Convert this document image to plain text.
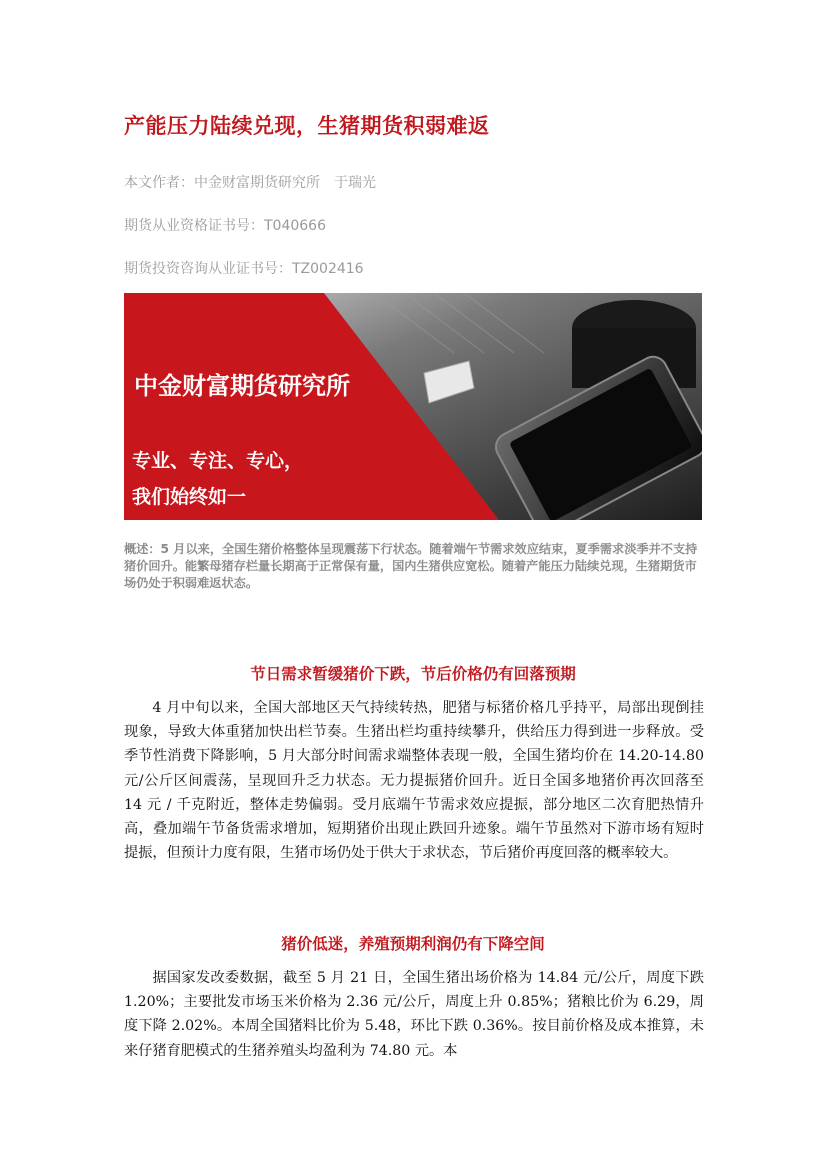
产能压力陆续兑现，生猪期货积弱难返
本文作者：中金财富期货研究所　于瑞光
期货从业资格证书号：T040666
期货投资咨询从业证书号：TZ002416
中金财富期货研究所
专业、专注、专心，
我们始终如一
概述：5 月以来，全国生猪价格整体呈现震荡下行状态。随着端午节需求效应结束，夏季需求淡季并不支持猪价回升。能繁母猪存栏量长期高于正常保有量，国内生猪供应宽松。随着产能压力陆续兑现，生猪期货市场仍处于积弱难返状态。
节日需求暂缓猪价下跌，节后价格仍有回落预期
4 月中旬以来，全国大部地区天气持续转热，肥猪与标猪价格几乎持平，局部出现倒挂现象，导致大体重猪加快出栏节奏。生猪出栏均重持续攀升，供给压力得到进一步释放。受季节性消费下降影响，5 月大部分时间需求端整体表现一般，全国生猪均价在 14.20-14.80 元/公斤区间震荡，呈现回升乏力状态。无力提振猪价回升。近日全国多地猪价再次回落至 14 元 / 千克附近，整体走势偏弱。受月底端午节需求效应提振，部分地区二次育肥热情升高，叠加端午节备货需求增加，短期猪价出现止跌回升迹象。端午节虽然对下游市场有短时提振，但预计力度有限，生猪市场仍处于供大于求状态，节后猪价再度回落的概率较大。
猪价低迷，养殖预期利润仍有下降空间
据国家发改委数据，截至 5 月 21 日，全国生猪出场价格为 14.84 元/公斤，周度下跌 1.20%；主要批发市场玉米价格为 2.36 元/公斤，周度上升 0.85%；猪粮比价为 6.29，周度下降 2.02%。本周全国猪料比价为 5.48，环比下跌 0.36%。按目前价格及成本推算，未来仔猪育肥模式的生猪养殖头均盈利为 74.80 元。本
